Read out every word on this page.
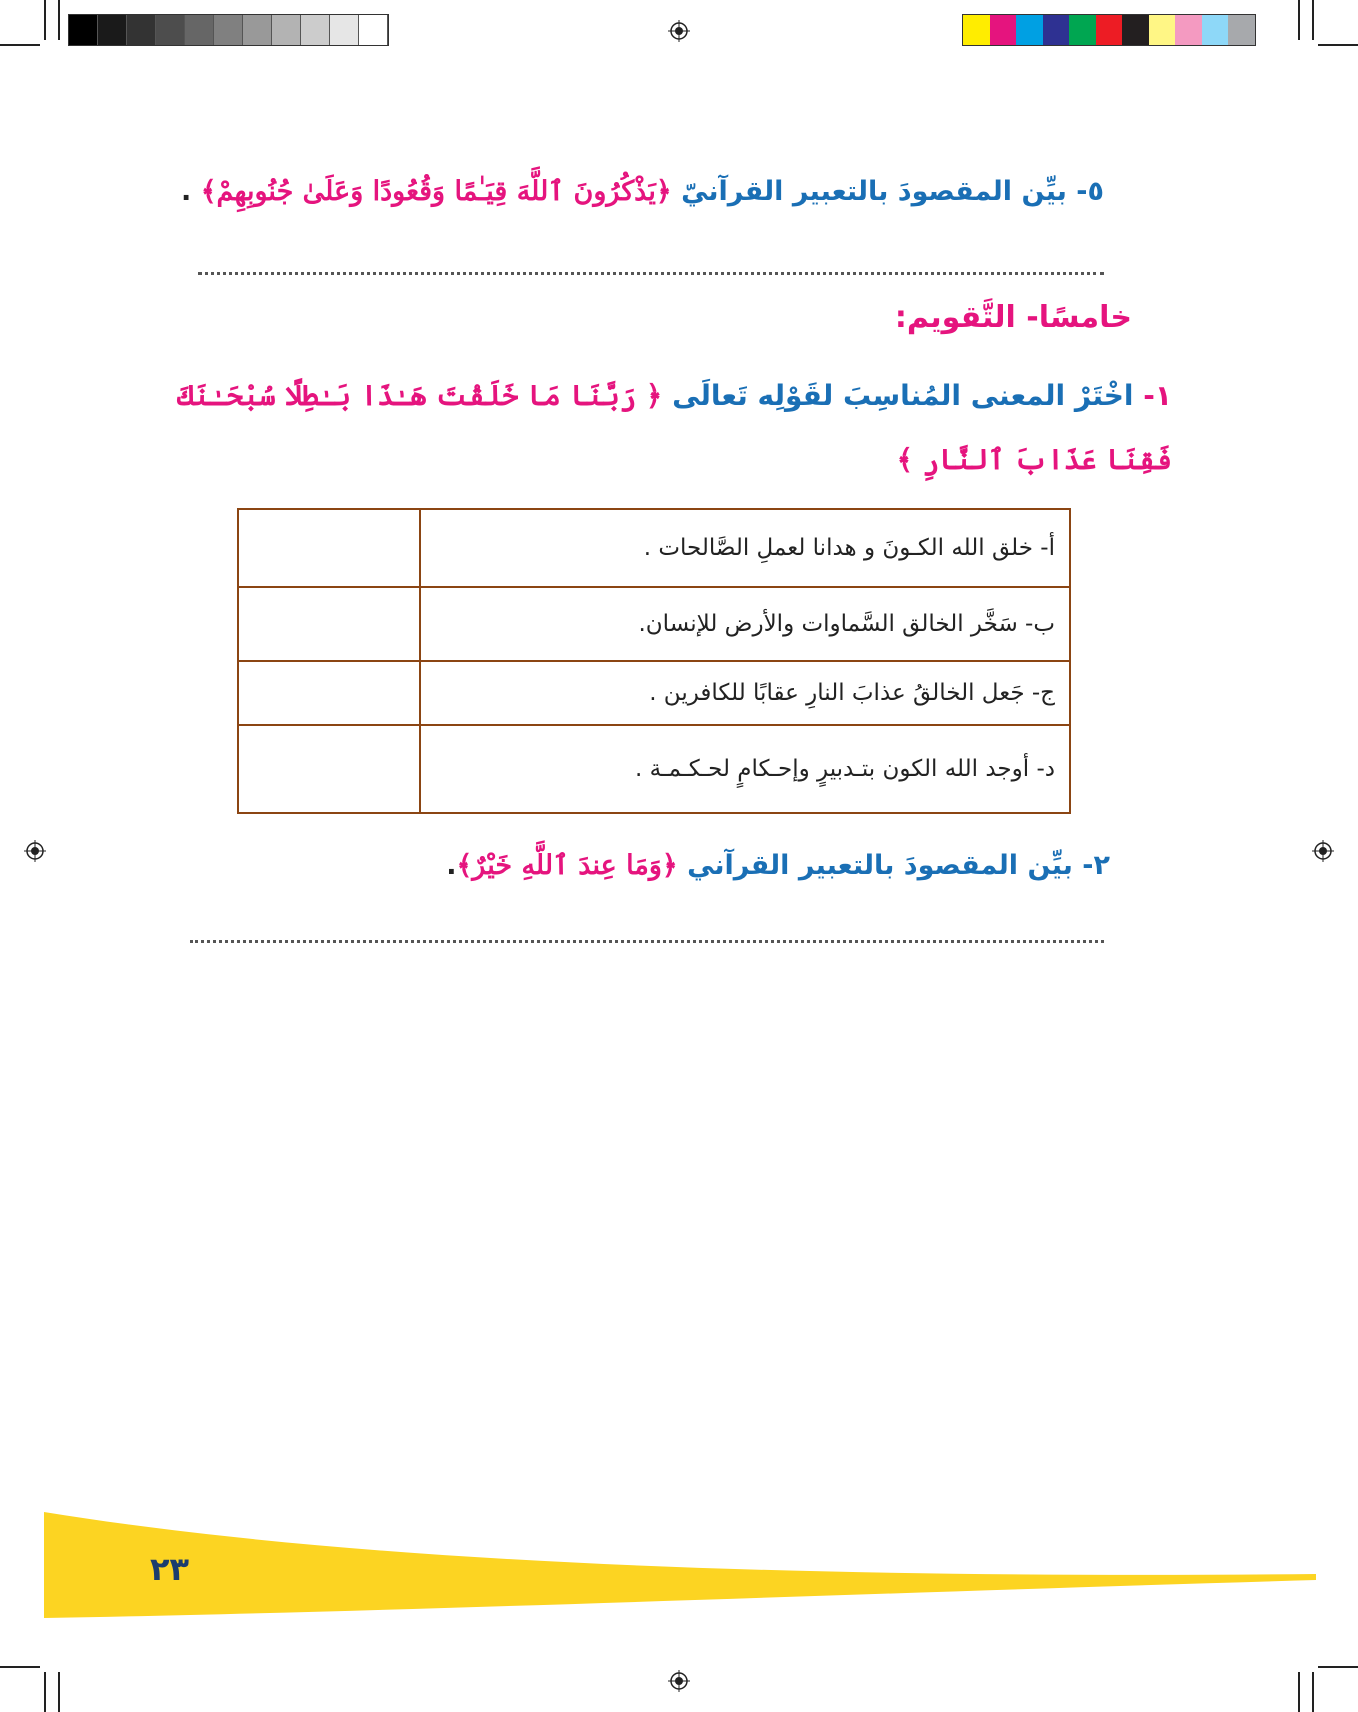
٥- بيِّن المقصودَ بالتعبير القرآنيّ ﴿يَذْكُرُونَ ٱللَّهَ قِيَـٰمًا وَقُعُودًا وَعَلَىٰ جُنُوبِهِمْ﴾ .
خامسًا- التَّقويم:
١- اخْتَرْ المعنى المُناسِبَ لقَوْلِه تَعالَى ﴿ رَبَّنَا مَا خَلَقْتَ هَـٰذَا بَـٰطِلًا سُبْحَـٰنَكَ فَقِنَا عَذَابَ ٱلنَّارِ ﴾
أ- خلق الله الكـونَ و هدانا لعملِ الصَّالحات .	
ب- سَخَّر الخالق السَّماوات والأرض للإنسان.	
ج- جَعل الخالقُ عذابَ النارِ عقابًا للكافرين .	
د- أوجد الله الكون بتـدبيرٍ وإحـكامٍ لحـكـمـة .	
٢- بيِّن المقصودَ بالتعبير القرآني ﴿وَمَا عِندَ ٱللَّهِ خَيْرٌ﴾.
٢٣
